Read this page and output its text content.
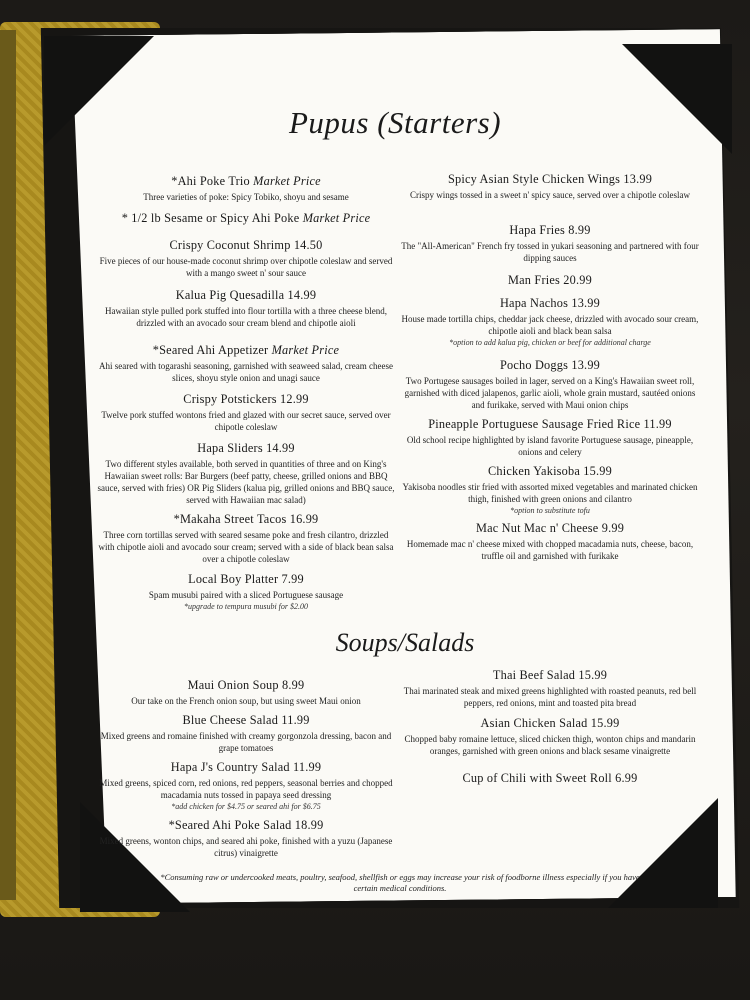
Pupus (Starters)
*Ahi Poke Trio Market Price
Three varieties of poke: Spicy Tobiko, shoyu and sesame
* 1/2 lb Sesame or Spicy Ahi Poke Market Price
Crispy Coconut Shrimp 14.50
Five pieces of our house-made coconut shrimp over chipotle coleslaw and served with a mango sweet n' sour sauce
Kalua Pig Quesadilla 14.99
Hawaiian style pulled pork stuffed into flour tortilla with a three cheese blend, drizzled with an avocado sour cream blend and chipotle aioli
*Seared Ahi Appetizer Market Price
Ahi seared with togarashi seasoning, garnished with seaweed salad, cream cheese slices, shoyu style onion and unagi sauce
Crispy Potstickers 12.99
Twelve pork stuffed wontons fried and glazed with our secret sauce, served over chipotle coleslaw
Hapa Sliders 14.99
Two different styles available, both served in quantities of three and on King's Hawaiian sweet rolls: Bar Burgers (beef patty, cheese, grilled onions and BBQ sauce, served with fries) OR Pig Sliders (kalua pig, grilled onions and BBQ sauce, served with Hawaiian mac salad)
*Makaha Street Tacos 16.99
Three corn tortillas served with seared sesame poke and fresh cilantro, drizzled with chipotle aioli and avocado sour cream; served with a side of black bean salsa over a chipotle coleslaw
Local Boy Platter 7.99
Spam musubi paired with a sliced Portuguese sausage
*upgrade to tempura musubi for $2.00
Spicy Asian Style Chicken Wings 13.99
Crispy wings tossed in a sweet n' spicy sauce, served over a chipotle coleslaw
Hapa Fries 8.99
The "All-American" French fry tossed in yukari seasoning and partnered with four dipping sauces
Man Fries 20.99
Hapa Nachos 13.99
House made tortilla chips, cheddar jack cheese, drizzled with avocado sour cream, chipotle aioli and black bean salsa
*option to add kalua pig, chicken or beef for additional charge
Pocho Doggs 13.99
Two Portugese sausages boiled in lager, served on a King's Hawaiian sweet roll, garnished with diced jalapenos, garlic aioli, whole grain mustard, sautéed onions and furikake, served with Maui onion chips
Pineapple Portuguese Sausage Fried Rice 11.99
Old school recipe highlighted by island favorite Portuguese sausage, pineapple, onions and celery
Chicken Yakisoba 15.99
Yakisoba noodles stir fried with assorted mixed vegetables and marinated chicken thigh, finished with green onions and cilantro
*option to substitute tofu
Mac Nut Mac n' Cheese 9.99
Homemade mac n' cheese mixed with chopped macadamia nuts, cheese, bacon, truffle oil and garnished with furikake
Soups/Salads
Maui Onion Soup 8.99
Our take on the French onion soup, but using sweet Maui onion
Blue Cheese Salad 11.99
Mixed greens and romaine finished with creamy gorgonzola dressing, bacon and grape tomatoes
Hapa J's Country Salad 11.99
Mixed greens, spiced corn, red onions, red peppers, seasonal berries and chopped macadamia nuts tossed in papaya seed dressing
*add chicken for $4.75 or seared ahi for $6.75
*Seared Ahi Poke Salad 18.99
Mixed greens, wonton chips, and seared ahi poke, finished with a yuzu (Japanese citrus) vinaigrette
Thai Beef Salad 15.99
Thai marinated steak and mixed greens highlighted with roasted peanuts, red bell peppers, red onions, mint and toasted pita bread
Asian Chicken Salad 15.99
Chopped baby romaine lettuce, sliced chicken thigh, wonton chips and mandarin oranges, garnished with green onions and black sesame vinaigrette
Cup of Chili with Sweet Roll 6.99
*Consuming raw or undercooked meats, poultry, seafood, shellfish or eggs may increase your risk of foodborne illness especially if you have certain medical conditions.
